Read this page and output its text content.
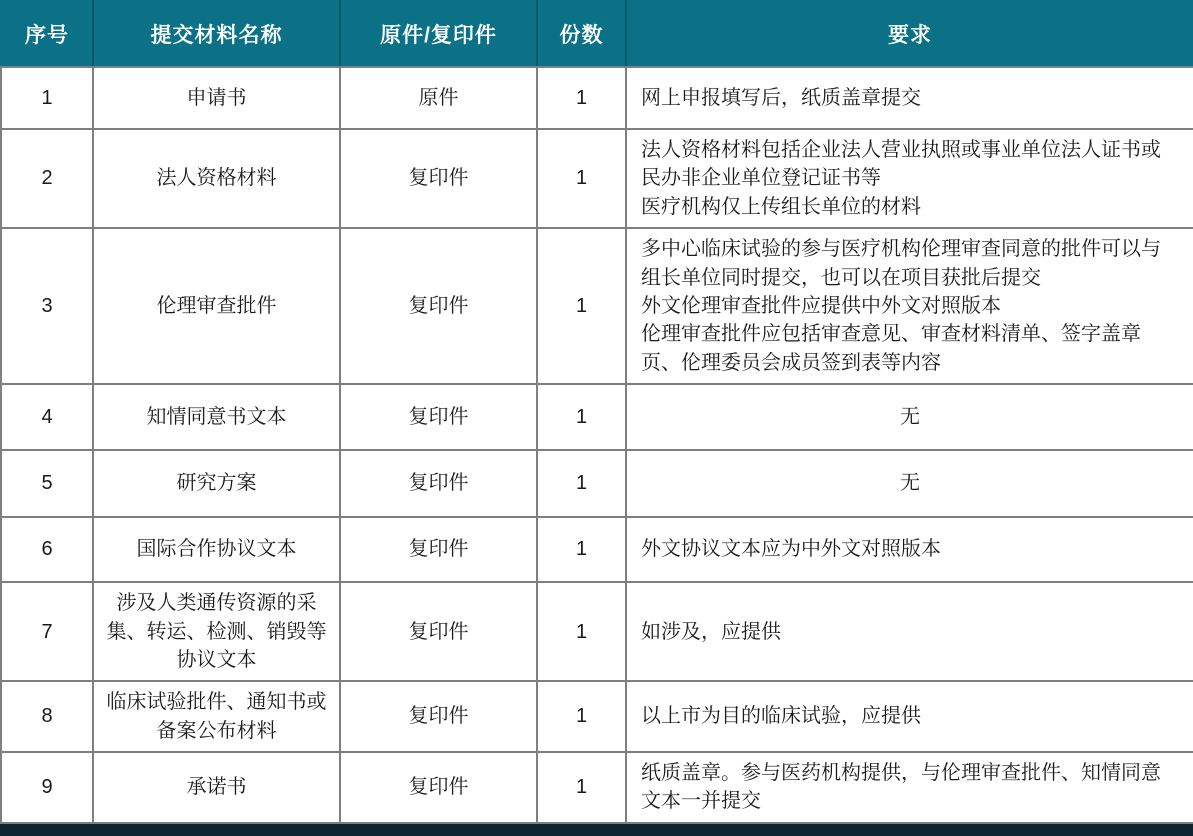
序号	提交材料名称	原件/复印件	份数	要求
1	申请书	原件	1	网上申报填写后，纸质盖章提交

2	法人资格材料	复印件	1	法人资格材料包括企业法人营业执照或事业单位法人证书或民办非企业单位登记证书等
医疗机构仅上传组长单位的材料

3	伦理审查批件	复印件	1	多中心临床试验的参与医疗机构伦理审查同意的批件可以与组长单位同时提交，也可以在项目获批后提交
外文伦理审查批件应提供中外文对照版本
伦理审查批件应包括审查意见、审查材料清单、签字盖章页、伦理委员会成员签到表等内容

4	知情同意书文本	复印件	1	无

5	研究方案	复印件	1	无

6	国际合作协议文本	复印件	1	外文协议文本应为中外文对照版本

7	涉及人类通传资源的采集、转运、检测、销毁等协议文本	复印件	1	如涉及，应提供

8	临床试验批件、通知书或备案公布材料	复印件	1	以上市为目的临床试验，应提供

9	承诺书	复印件	1	纸质盖章。参与医药机构提供，与伦理审查批件、知情同意文本一并提交
